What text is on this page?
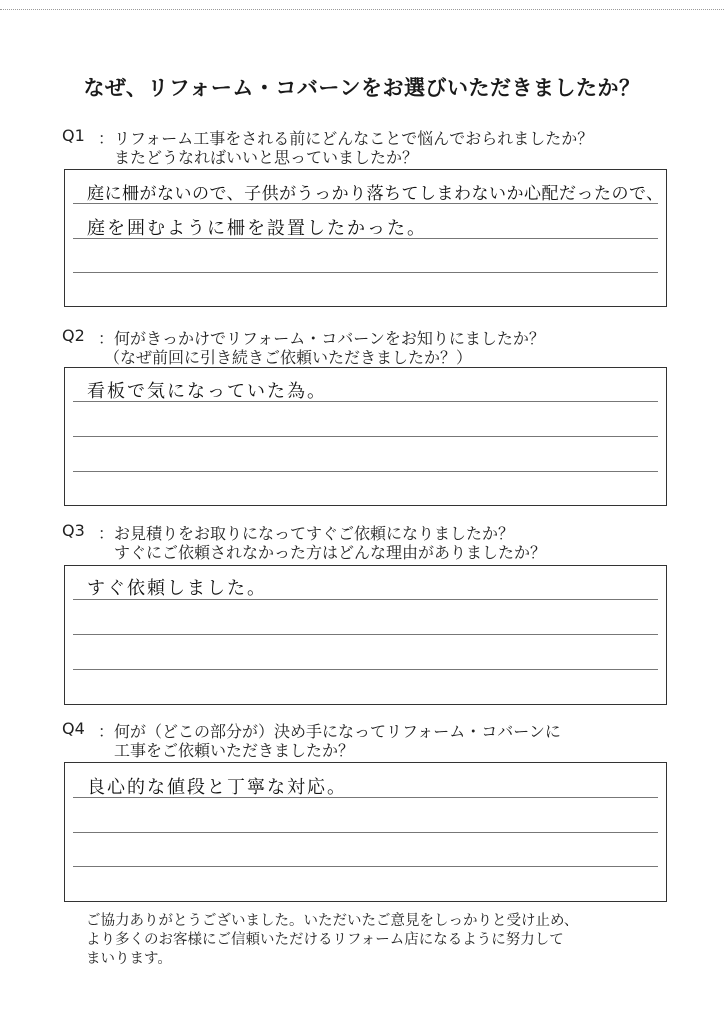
なぜ、リフォーム・コバーンをお選びいただきましたか？
Q1 ：リフォーム工事をされる前にどんなことで悩んでおられましたか？
またどうなればいいと思っていましたか？
庭に柵がないので、子供がうっかり落ちてしまわないか心配だったので、
庭を囲むように柵を設置したかった。
Q2 ：何がきっかけでリフォーム・コバーンをお知りにましたか？
（なぜ前回に引き続きご依頼いただきましたか？）
看板で気になっていた為。
Q3 ：お見積りをお取りになってすぐご依頼になりましたか？
すぐにご依頼されなかった方はどんな理由がありましたか？
すぐ依頼しました。
Q4 ：何が（どこの部分が）決め手になってリフォーム・コバーンに
工事をご依頼いただきましたか？
良心的な値段と丁寧な対応。
ご協力ありがとうございました。いただいたご意見をしっかりと受け止め、
より多くのお客様にご信頼いただけるリフォーム店になるように努力して
まいります。
